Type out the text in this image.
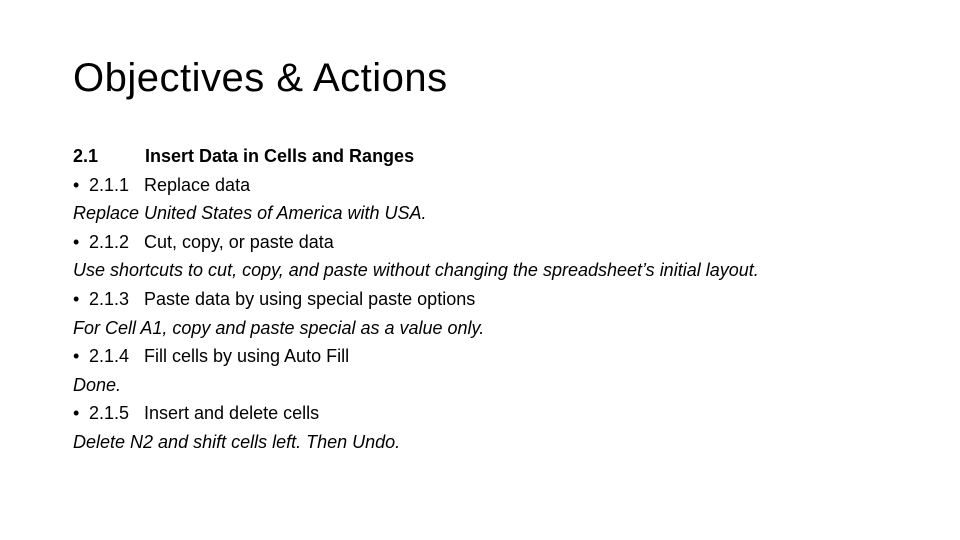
Objectives & Actions
2.1	Insert Data in Cells and Ranges
• 2.1.1 Replace data
Replace United States of America with USA.
• 2.1.2 Cut, copy, or paste data
Use shortcuts to cut, copy, and paste without changing the spreadsheet’s initial layout.
• 2.1.3 Paste data by using special paste options
For Cell A1, copy and paste special as a value only.
• 2.1.4 Fill cells by using Auto Fill
Done.
• 2.1.5 Insert and delete cells
Delete N2 and shift cells left. Then Undo.
